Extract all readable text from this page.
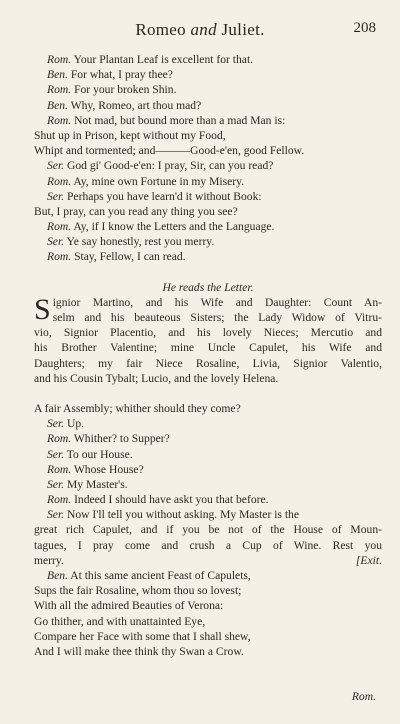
Romeo and Juliet.	208
Rom. Your Plantan Leaf is excellent for that.
Ben. For what, I pray thee?
Rom. For your broken Shin.
Ben. Why, Romeo, art thou mad?
Rom. Not mad, but bound more than a mad Man is:
Shut up in Prison, kept without my Food,
Whipt and tormented; and———Good-e'en, good Fellow.
Ser. God gi' Good-e'en: I pray, Sir, can you read?
Rom. Ay, mine own Fortune in my Misery.
Ser. Perhaps you have learn'd it without Book:
But, I pray, can you read any thing you see?
Rom. Ay, if I know the Letters and the Language.
Ser. Ye say honestly, rest you merry.
Rom. Stay, Fellow, I can read.
He reads the Letter.
S ignior Martino, and his Wife and Daughter: Count An-
selm and his beauteous Sisters; the Lady Widow of Vitru-
vio, Signior Placentio, and his lovely Nieces; Mercutio and
his Brother Valentine; mine Uncle Capulet, his Wife and
Daughters; my fair Niece Rosaline, Livia, Signior Valentio,
and his Cousin Tybalt; Lucio, and the lovely Helena.
A fair Assembly; whither should they come?
Ser. Up.
Rom. Whither? to Supper?
Ser. To our House.
Rom. Whose House?
Ser. My Master's.
Rom. Indeed I should have askt you that before.
Ser. Now I'll tell you without asking. My Master is the
great rich Capulet, and if you be not of the House of Moun-
tagues, I pray come and crush a Cup of Wine. Rest you
merry.	[Exit.
Ben. At this same ancient Feast of Capulets,
Sups the fair Rosaline, whom thou so lovest;
With all the admired Beauties of Verona:
Go thither, and with unattainted Eye,
Compare her Face with some that I shall shew,
And I will make thee think thy Swan a Crow.
Rom.
